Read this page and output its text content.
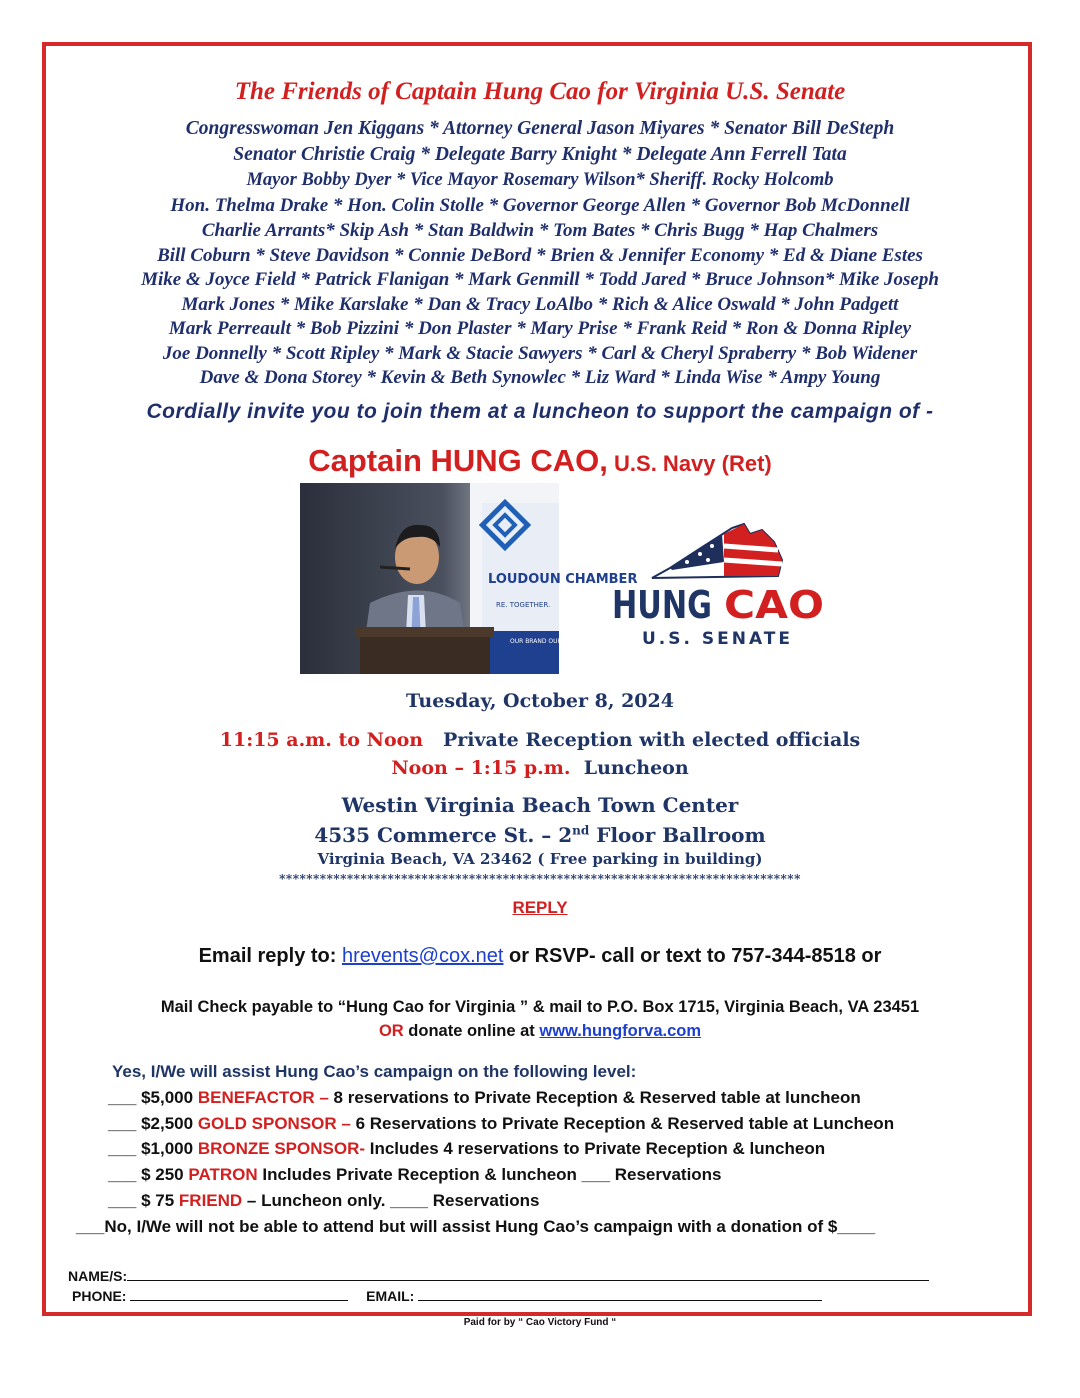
The Friends of Captain Hung Cao for Virginia U.S. Senate
Congresswoman Jen Kiggans * Attorney General Jason Miyares * Senator Bill DeSteph
Senator Christie Craig * Delegate Barry Knight * Delegate Ann Ferrell Tata
Mayor Bobby Dyer * Vice Mayor Rosemary Wilson* Sheriff. Rocky Holcomb
Hon. Thelma Drake * Hon. Colin Stolle * Governor George Allen * Governor Bob McDonnell
Charlie Arrants* Skip Ash * Stan Baldwin * Tom Bates * Chris Bugg * Hap Chalmers
Bill Coburn * Steve Davidson * Connie DeBord * Brien & Jennifer Economy * Ed & Diane Estes
Mike & Joyce Field * Patrick Flanigan * Mark Genmill * Todd Jared * Bruce Johnson* Mike Joseph
Mark Jones * Mike Karslake * Dan & Tracy LoAlbo * Rich & Alice Oswald * John Padgett
Mark Perreault * Bob Pizzini * Don Plaster * Mary Prise * Frank Reid * Ron & Donna Ripley
Joe Donnelly * Scott Ripley * Mark & Stacie Sawyers * Carl & Cheryl Spraberry * Bob Widener
Dave & Dona Storey * Kevin & Beth Synowlec * Liz Ward * Linda Wise * Ampy Young
Cordially invite you to join them at a luncheon to support the campaign of -
Captain HUNG CAO, U.S. Navy (Ret)
LOUDOUN CHAMBER
RE. TOGETHER.
OUR BRAND OUR BUSINESS. LINE A LEADER
HUNG CAO
U.S. SENATE
Tuesday, October 8, 2024
11:15 a.m. to Noon Private Reception with elected officials
Noon – 1:15 p.m. Luncheon
Westin Virginia Beach Town Center
4535 Commerce St. – 2nd Floor Ballroom
Virginia Beach, VA 23462 ( Free parking in building)
*****************************************************************************
REPLY
Email reply to: hrevents@cox.net or RSVP- call or text to 757-344-8518 or
Mail Check payable to “Hung Cao for Virginia ” & mail to P.O. Box 1715, Virginia Beach, VA 23451
OR donate online at www.hungforva.com
Yes, I/We will assist Hung Cao’s campaign on the following level:
___ $5,000 BENEFACTOR – 8 reservations to Private Reception & Reserved table at luncheon
___ $2,500 GOLD SPONSOR – 6 Reservations to Private Reception & Reserved table at Luncheon
___ $1,000 BRONZE SPONSOR- Includes 4 reservations to Private Reception & luncheon
___ $ 250 PATRON Includes Private Reception & luncheon ___ Reservations
___ $ 75 FRIEND – Luncheon only. ____ Reservations
___No, I/We will not be able to attend but will assist Hung Cao’s campaign with a donation of $____
NAME/S:
PHONE:	EMAIL:
Paid for by “ Cao Victory Fund “
